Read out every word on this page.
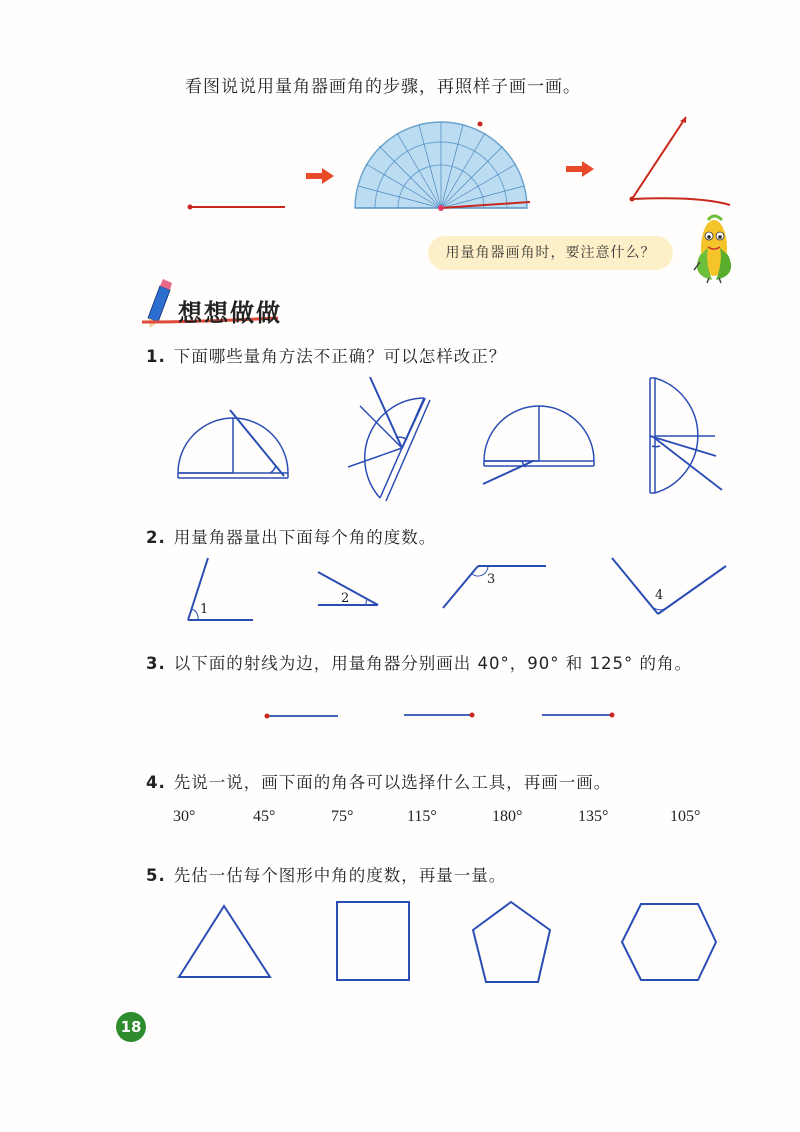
看图说说用量角器画角的步骤，再照样子画一画。
用量角器画角时，要注意什么？
想想做做
1. 下面哪些量角方法不正确？可以怎样改正？
2. 用量角器量出下面每个角的度数。
3. 以下面的射线为边，用量角器分别画出 40°，90° 和 125° 的角。
4. 先说一说，画下面的角各可以选择什么工具，再画一画。
5. 先估一估每个图形中角的度数，再量一量。
1
2
3
4
30°	45°	75°	115°	180°	135°	105°
18
